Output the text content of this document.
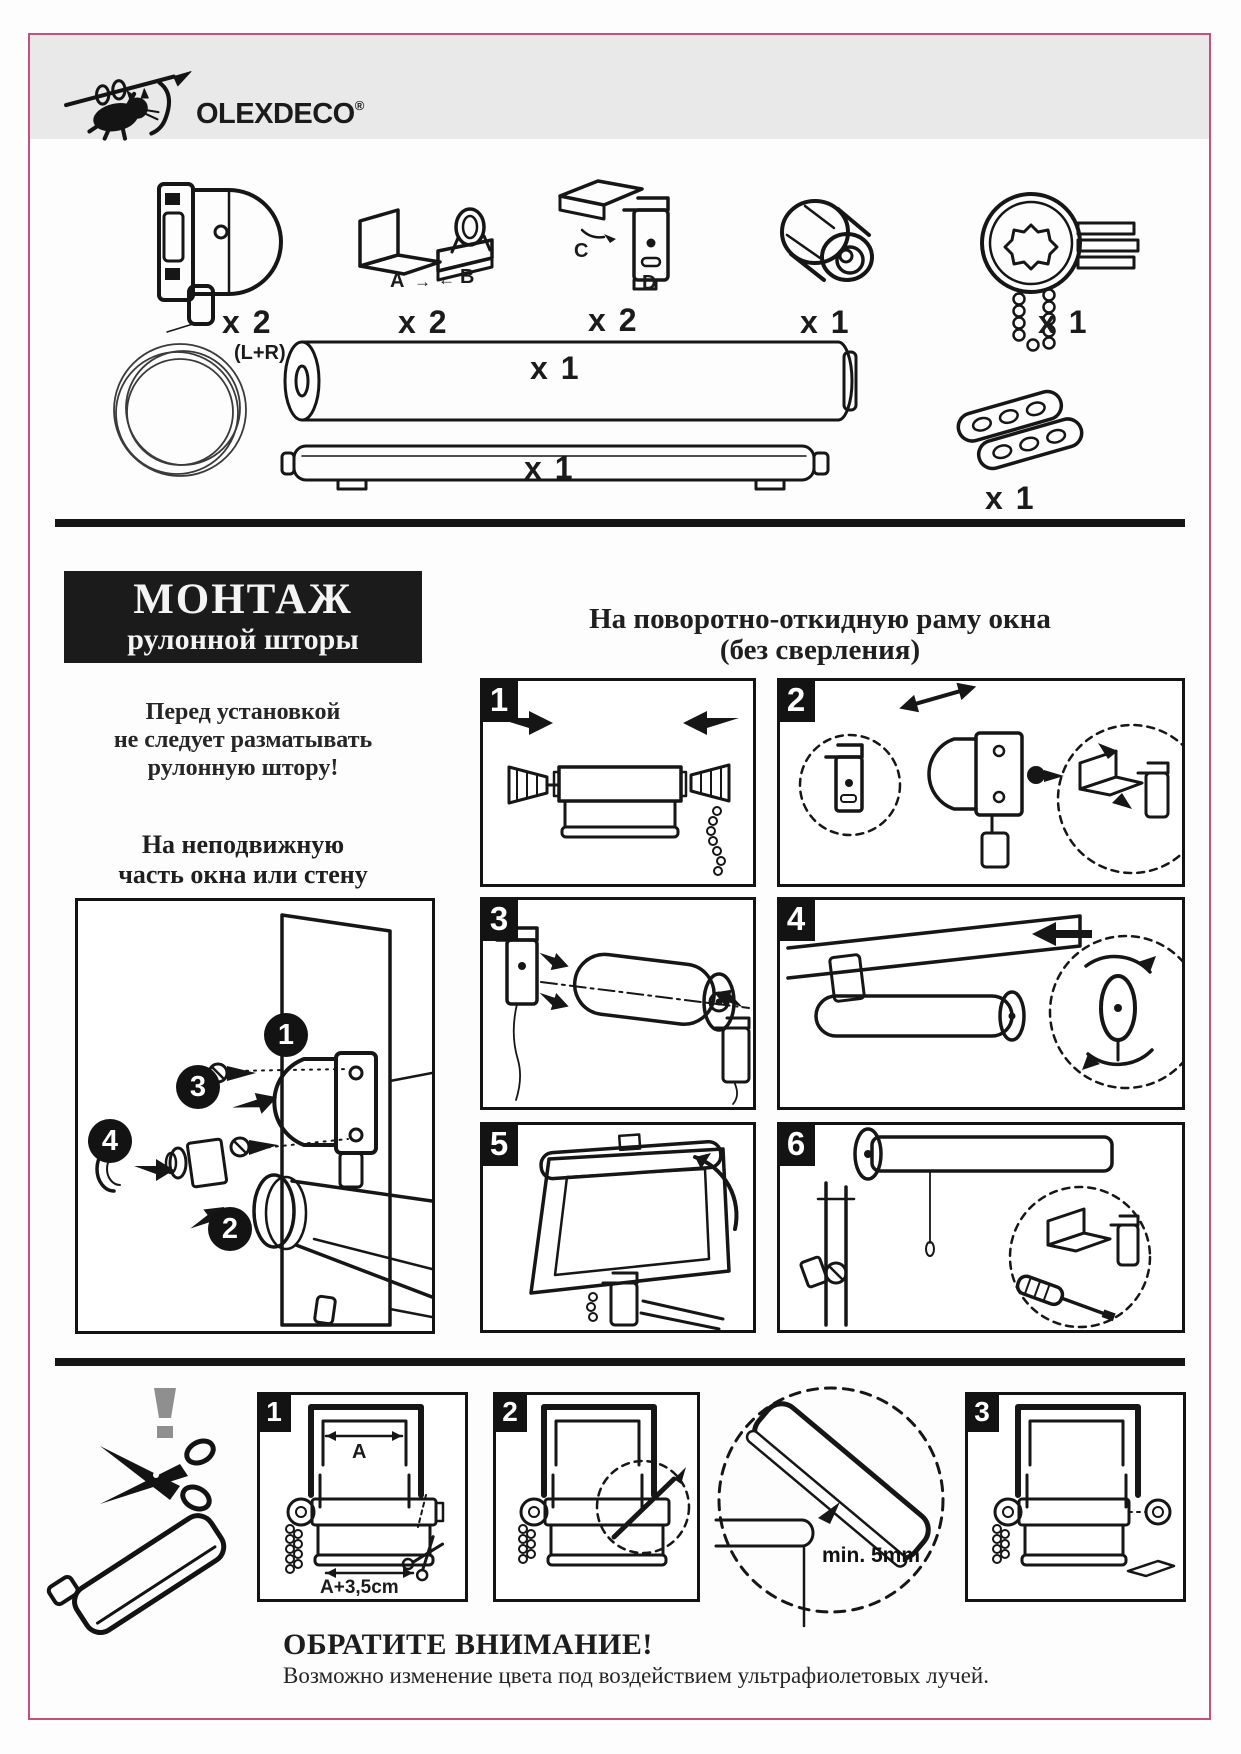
OLEXDECO®
x 2
(L+R)
A → ← B
x 2
C
D
x 2	x 1	x 1
x 1
x 1
x 1
МОНТАЖ
рулонной шторы
Перед установкой
не следует разматывать
рулонную штору!
На неподвижную
часть окна или стену
На поворотно-откидную раму окна
(без сверления)
1
3
4
2
1	2
3	4
5	6
1
A
A+3,5cm
2
min. 5mm
3
ОБРАТИТЕ ВНИМАНИЕ!
Возможно изменение цвета под воздействием ультрафиолетовых лучей.
